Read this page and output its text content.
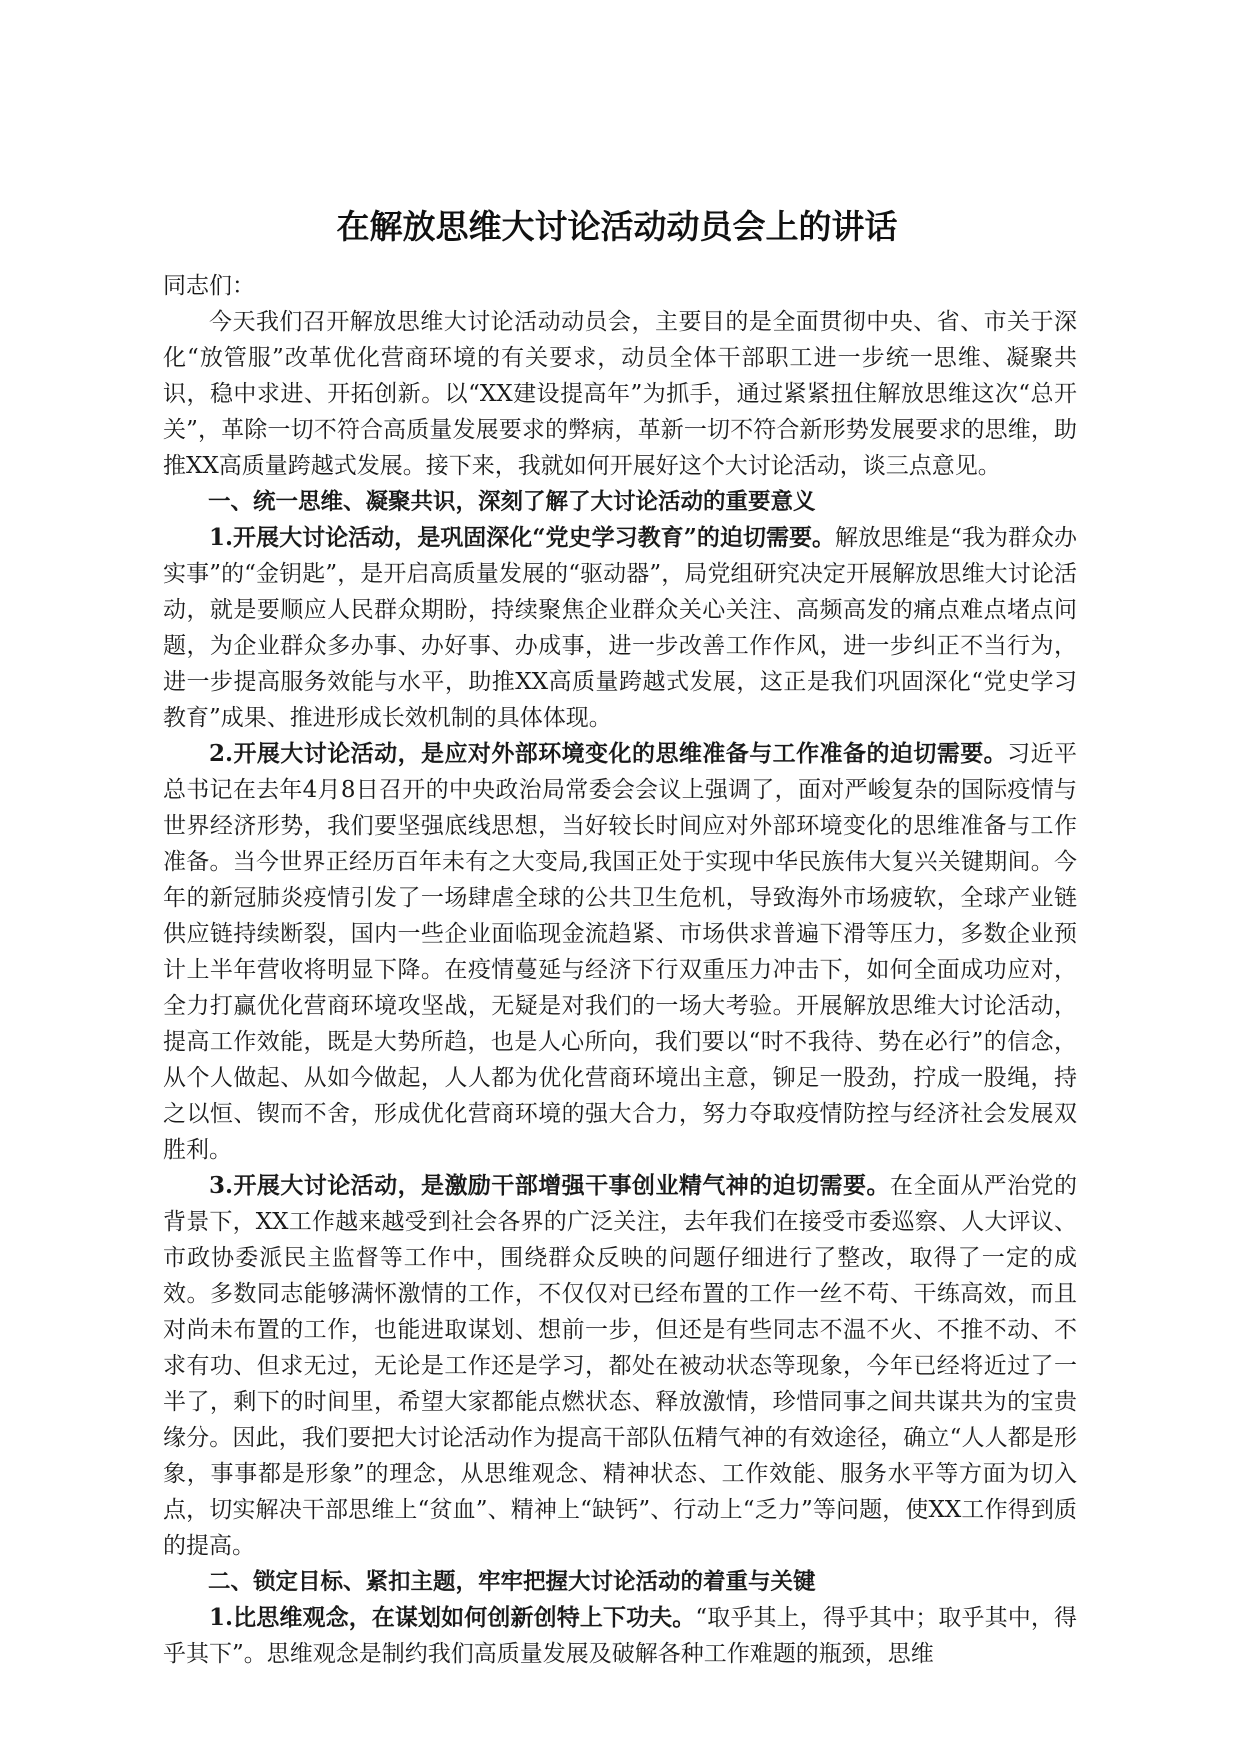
在解放思维大讨论活动动员会上的讲话

同志们：

今天我们召开解放思维大讨论活动动员会，主要目的是全面贯彻中央、省、市关于深化“放管服”改革优化营商环境的有关要求，动员全体干部职工进一步统一思维、凝聚共识，稳中求进、开拓创新。以“XX建设提高年”为抓手，通过紧紧扭住解放思维这次“总开关”，革除一切不符合高质量发展要求的弊病，革新一切不符合新形势发展要求的思维，助推XX高质量跨越式发展。接下来，我就如何开展好这个大讨论活动，谈三点意见。

一、统一思维、凝聚共识，深刻了解了大讨论活动的重要意义

1.开展大讨论活动，是巩固深化“党史学习教育”的迫切需要。解放思维是“我为群众办实事”的“金钥匙”，是开启高质量发展的“驱动器”，局党组研究决定开展解放思维大讨论活动，就是要顺应人民群众期盼，持续聚焦企业群众关心关注、高频高发的痛点难点堵点问题，为企业群众多办事、办好事、办成事，进一步改善工作作风，进一步纠正不当行为，进一步提高服务效能与水平，助推XX高质量跨越式发展，这正是我们巩固深化“党史学习教育”成果、推进形成长效机制的具体体现。

2.开展大讨论活动，是应对外部环境变化的思维准备与工作准备的迫切需要。习近平总书记在去年4月8日召开的中央政治局常委会会议上强调了，面对严峻复杂的国际疫情与世界经济形势，我们要坚强底线思想，当好较长时间应对外部环境变化的思维准备与工作准备。当今世界正经历百年未有之大变局,我国正处于实现中华民族伟大复兴关键期间。今年的新冠肺炎疫情引发了一场肆虐全球的公共卫生危机，导致海外市场疲软，全球产业链供应链持续断裂，国内一些企业面临现金流趋紧、市场供求普遍下滑等压力，多数企业预计上半年营收将明显下降。在疫情蔓延与经济下行双重压力冲击下，如何全面成功应对，全力打赢优化营商环境攻坚战，无疑是对我们的一场大考验。开展解放思维大讨论活动，提高工作效能，既是大势所趋，也是人心所向，我们要以“时不我待、势在必行”的信念，从个人做起、从如今做起，人人都为优化营商环境出主意，铆足一股劲，拧成一股绳，持之以恒、锲而不舍，形成优化营商环境的强大合力，努力夺取疫情防控与经济社会发展双胜利。

3.开展大讨论活动，是激励干部增强干事创业精气神的迫切需要。在全面从严治党的背景下，XX工作越来越受到社会各界的广泛关注，去年我们在接受市委巡察、人大评议、市政协委派民主监督等工作中，围绕群众反映的问题仔细进行了整改，取得了一定的成效。多数同志能够满怀激情的工作，不仅仅对已经布置的工作一丝不苟、干练高效，而且对尚未布置的工作，也能进取谋划、想前一步，但还是有些同志不温不火、不推不动、不求有功、但求无过，无论是工作还是学习，都处在被动状态等现象，今年已经将近过了一半了，剩下的时间里，希望大家都能点燃状态、释放激情，珍惜同事之间共谋共为的宝贵缘分。因此，我们要把大讨论活动作为提高干部队伍精气神的有效途径，确立“人人都是形象，事事都是形象”的理念，从思维观念、精神状态、工作效能、服务水平等方面为切入点，切实解决干部思维上“贫血”、精神上“缺钙”、行动上“乏力”等问题，使XX工作得到质的提高。

二、锁定目标、紧扣主题，牢牢把握大讨论活动的着重与关键

1.比思维观念，在谋划如何创新创特上下功夫。“取乎其上，得乎其中；取乎其中，得乎其下”。思维观念是制约我们高质量发展及破解各种工作难题的瓶颈，思维
